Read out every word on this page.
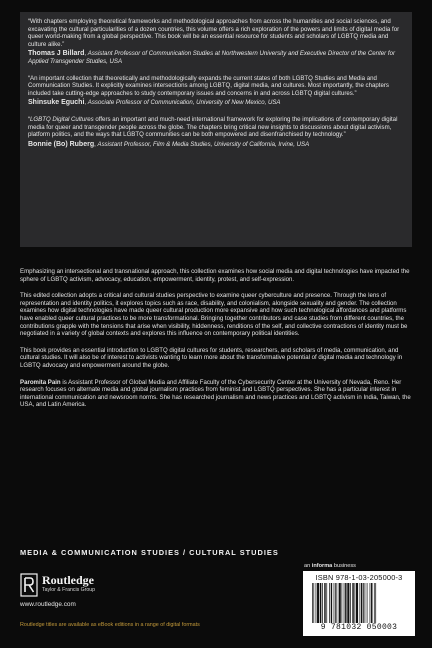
“With chapters employing theoretical frameworks and methodological approaches from across the humanities and social sciences, and excavating the cultural particularities of a dozen countries, this volume offers a rich exploration of the powers and limits of digital media for queer world-making from a global perspective. This book will be an essential resource for students and scholars of LGBTQ media and culture alike.”

Thomas J Billard, Assistant Professor of Communication Studies at Northwestern University and Executive Director of the Center for Applied Transgender Studies, USA

“An important collection that theoretically and methodologically expands the current states of both LGBTQ Studies and Media and Communication Studies. It explicitly examines intersections among LGBTQ, digital media, and cultures. Most importantly, the chapters included take cutting-edge approaches to study contemporary issues and concerns in and across LGBTQ digital cultures.”

Shinsuke Eguchi, Associate Professor of Communication, University of New Mexico, USA

“LGBTQ Digital Cultures offers an important and much-need international framework for exploring the implications of contemporary digital media for queer and transgender people across the globe. The chapters bring critical new insights to discussions about digital activism, platform politics, and the ways that LGBTQ communities can be both empowered and disenfranchised by technology.”

Bonnie (Bo) Ruberg, Assistant Professor, Film & Media Studies, University of California, Irvine, USA

Emphasizing an intersectional and transnational approach, this collection examines how social media and digital technologies have impacted the sphere of LGBTQ activism, advocacy, education, empowerment, identity, protest, and self-expression.

This edited collection adopts a critical and cultural studies perspective to examine queer cyberculture and presence. Through the lens of representation and identity politics, it explores topics such as race, disability, and colonialism, alongside sexuality and gender. The collection examines how digital technologies have made queer cultural production more expansive and how such technological affordances and platforms have enabled queer cultural practices to be more transformational. Bringing together contributors and case studies from different countries, the contributions grapple with the tensions that arise when visibility, hiddenness, renditions of the self, and collective contractions of identity must be negotiated in a variety of global contexts and explores this influence on contemporary political identities.

This book provides an essential introduction to LGBTQ digital cultures for students, researchers, and scholars of media, communication, and cultural studies. It will also be of interest to activists wanting to learn more about the transformative potential of digital media and technology in LGBTQ advocacy and empowerment around the globe.

Paromita Pain is Assistant Professor of Global Media and Affiliate Faculty of the Cybersecurity Center at the University of Nevada, Reno. Her research focuses on alternate media and global journalism practices from feminist and LGBTQ perspectives. She has a particular interest in international communication and newsroom norms. She has researched journalism and news practices and LGBTQ activism in India, Taiwan, the USA, and Latin America.

MEDIA & COMMUNICATION STUDIES / CULTURAL STUDIES
Routledge
Taylor & Francis Group
www.routledge.com
Routledge titles are available as eBook editions in a range of digital formats
an informa business
ISBN 978-1-03-205000-3
9 781032 050003
